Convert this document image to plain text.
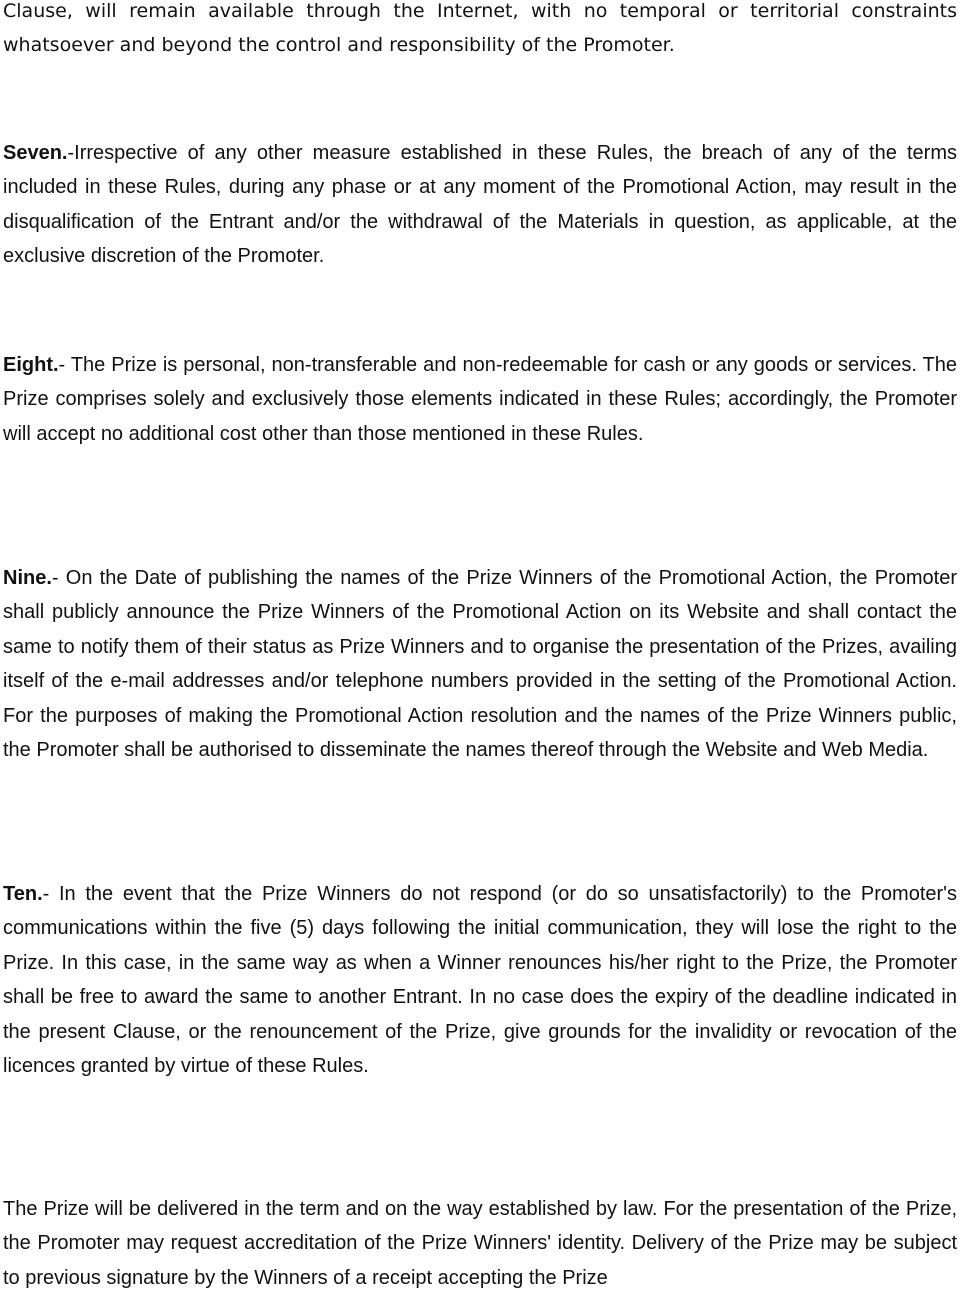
Clause, will remain available through the Internet, with no temporal or territorial constraints whatsoever and beyond the control and responsibility of the Promoter.

Seven.-Irrespective of any other measure established in these Rules, the breach of any of the terms included in these Rules, during any phase or at any moment of the Promotional Action, may result in the disqualification of the Entrant and/or the withdrawal of the Materials in question, as applicable, at the exclusive discretion of the Promoter.

Eight.- The Prize is personal, non-transferable and non-redeemable for cash or any goods or services. The Prize comprises solely and exclusively those elements indicated in these Rules; accordingly, the Promoter will accept no additional cost other than those mentioned in these Rules.

Nine.- On the Date of publishing the names of the Prize Winners of the Promotional Action, the Promoter shall publicly announce the Prize Winners of the Promotional Action on its Website and shall contact the same to notify them of their status as Prize Winners and to organise the presentation of the Prizes, availing itself of the e-mail addresses and/or telephone numbers provided in the setting of the Promotional Action. For the purposes of making the Promotional Action resolution and the names of the Prize Winners public, the Promoter shall be authorised to disseminate the names thereof through the Website and Web Media.

Ten.- In the event that the Prize Winners do not respond (or do so unsatisfactorily) to the Promoter's communications within the five (5) days following the initial communication, they will lose the right to the Prize. In this case, in the same way as when a Winner renounces his/her right to the Prize, the Promoter shall be free to award the same to another Entrant. In no case does the expiry of the deadline indicated in the present Clause, or the renouncement of the Prize, give grounds for the invalidity or revocation of the licences granted by virtue of these Rules.

The Prize will be delivered in the term and on the way established by law. For the presentation of the Prize, the Promoter may request accreditation of the Prize Winners' identity. Delivery of the Prize may be subject to previous signature by the Winners of a receipt accepting the Prize
